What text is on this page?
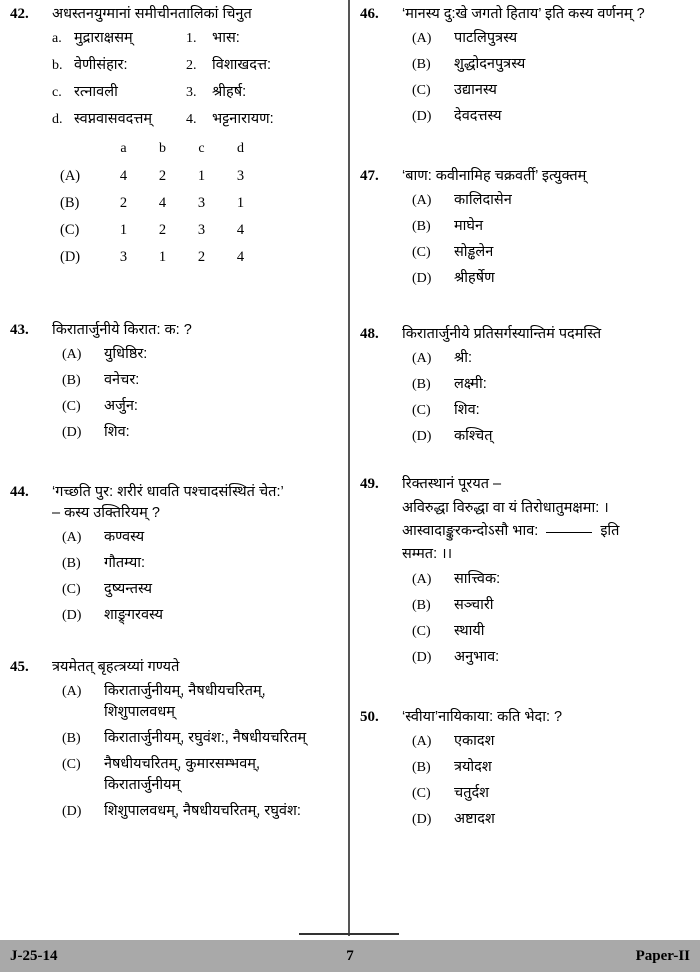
42.	अधस्तनयुग्मानां समीचीनतालिकां चिनुत
a. मुद्राराक्षसम्	1.	भास:
b. वेणीसंहार:	2.	विशाखदत्त:
c. रत्नावली	3.	श्रीहर्ष:
d. स्वप्नवासवदत्तम्	4.	भट्टनारायण:
a	b	c	d
(A)	4	2	1	3
(B)	2	4	3	1
(C)	1	2	3	4
(D)	3	1	2	4
43.	किरातार्जुनीये किरात: क: ?
(A)	युधिष्ठिर:
(B)	वनेचर:
(C)	अर्जुन:
(D)	शिव:
44.	‘गच्छति पुर: शरीरं धावति पश्चादसंस्थितं चेत:’
– कस्य उक्तिरियम् ?
(A)	कण्वस्य
(B)	गौतम्या:
(C)	दुष्यन्तस्य
(D)	शाङ्र्गरवस्य
45.	त्रयमेतत् बृहत्त्रय्यां गण्यते
(A)	किरातार्जुनीयम्, नैषधीयचरितम्,
शिशुपालवधम्
(B)	किरातार्जुनीयम्, रघुवंश:, नैषधीयचरितम्
(C)	नैषधीयचरितम्, कुमारसम्भवम्,
किरातार्जुनीयम्
(D)	शिशुपालवधम्, नैषधीयचरितम्, रघुवंश:
46.	‘मानस्य दु:खे जगतो हिताय’ इति कस्य वर्णनम् ?
(A)	पाटलिपुत्रस्य
(B)	शुद्धोदनपुत्रस्य
(C)	उद्यानस्य
(D)	देवदत्तस्य
47.	‘बाण: कवीनामिह चक्रवर्ती’ इत्युक्तम्
(A)	कालिदासेन
(B)	माघेन
(C)	सोड्ढलेन
(D)	श्रीहर्षेण
48.	किरातार्जुनीये प्रतिसर्गस्यान्तिमं पदमस्ति
(A)	श्री:
(B)	लक्ष्मी:
(C)	शिव:
(D)	कश्चित्
49.	रिक्तस्थानं पूरयत –
अविरुद्धा विरुद्धा वा यं तिरोधातुमक्षमा: ।
आस्वादाङ्कुरकन्दोऽसौ भाव:	इति
सम्मत: ।।
(A)	सात्त्विक:
(B)	सञ्चारी
(C)	स्थायी
(D)	अनुभाव:
50.	‘स्वीया’नायिकाया: कति भेदा: ?
(A)	एकादश
(B)	त्रयोदश
(C)	चतुर्दश
(D)	अष्टादश
J-25-14	7	Paper-II
